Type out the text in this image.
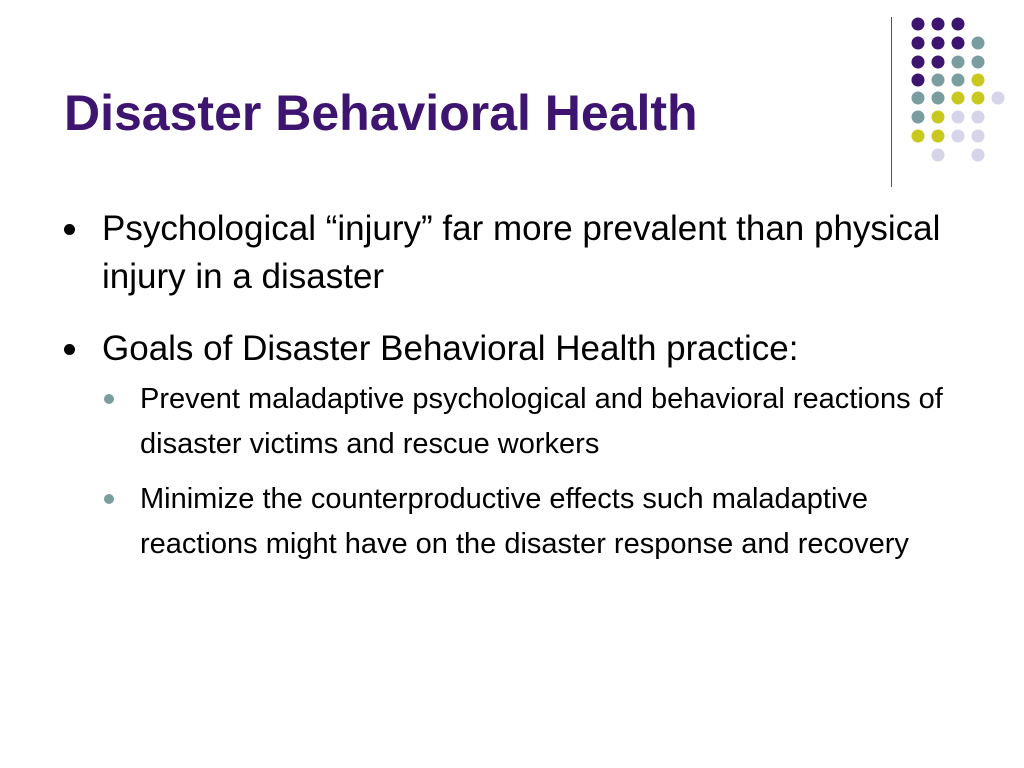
Disaster Behavioral Health
Psychological “injury” far more prevalent than physical injury in a disaster
Goals of Disaster Behavioral Health practice:
Prevent maladaptive psychological and behavioral reactions of disaster victims and rescue workers
Minimize the counterproductive effects such maladaptive reactions might have on the disaster response and recovery
